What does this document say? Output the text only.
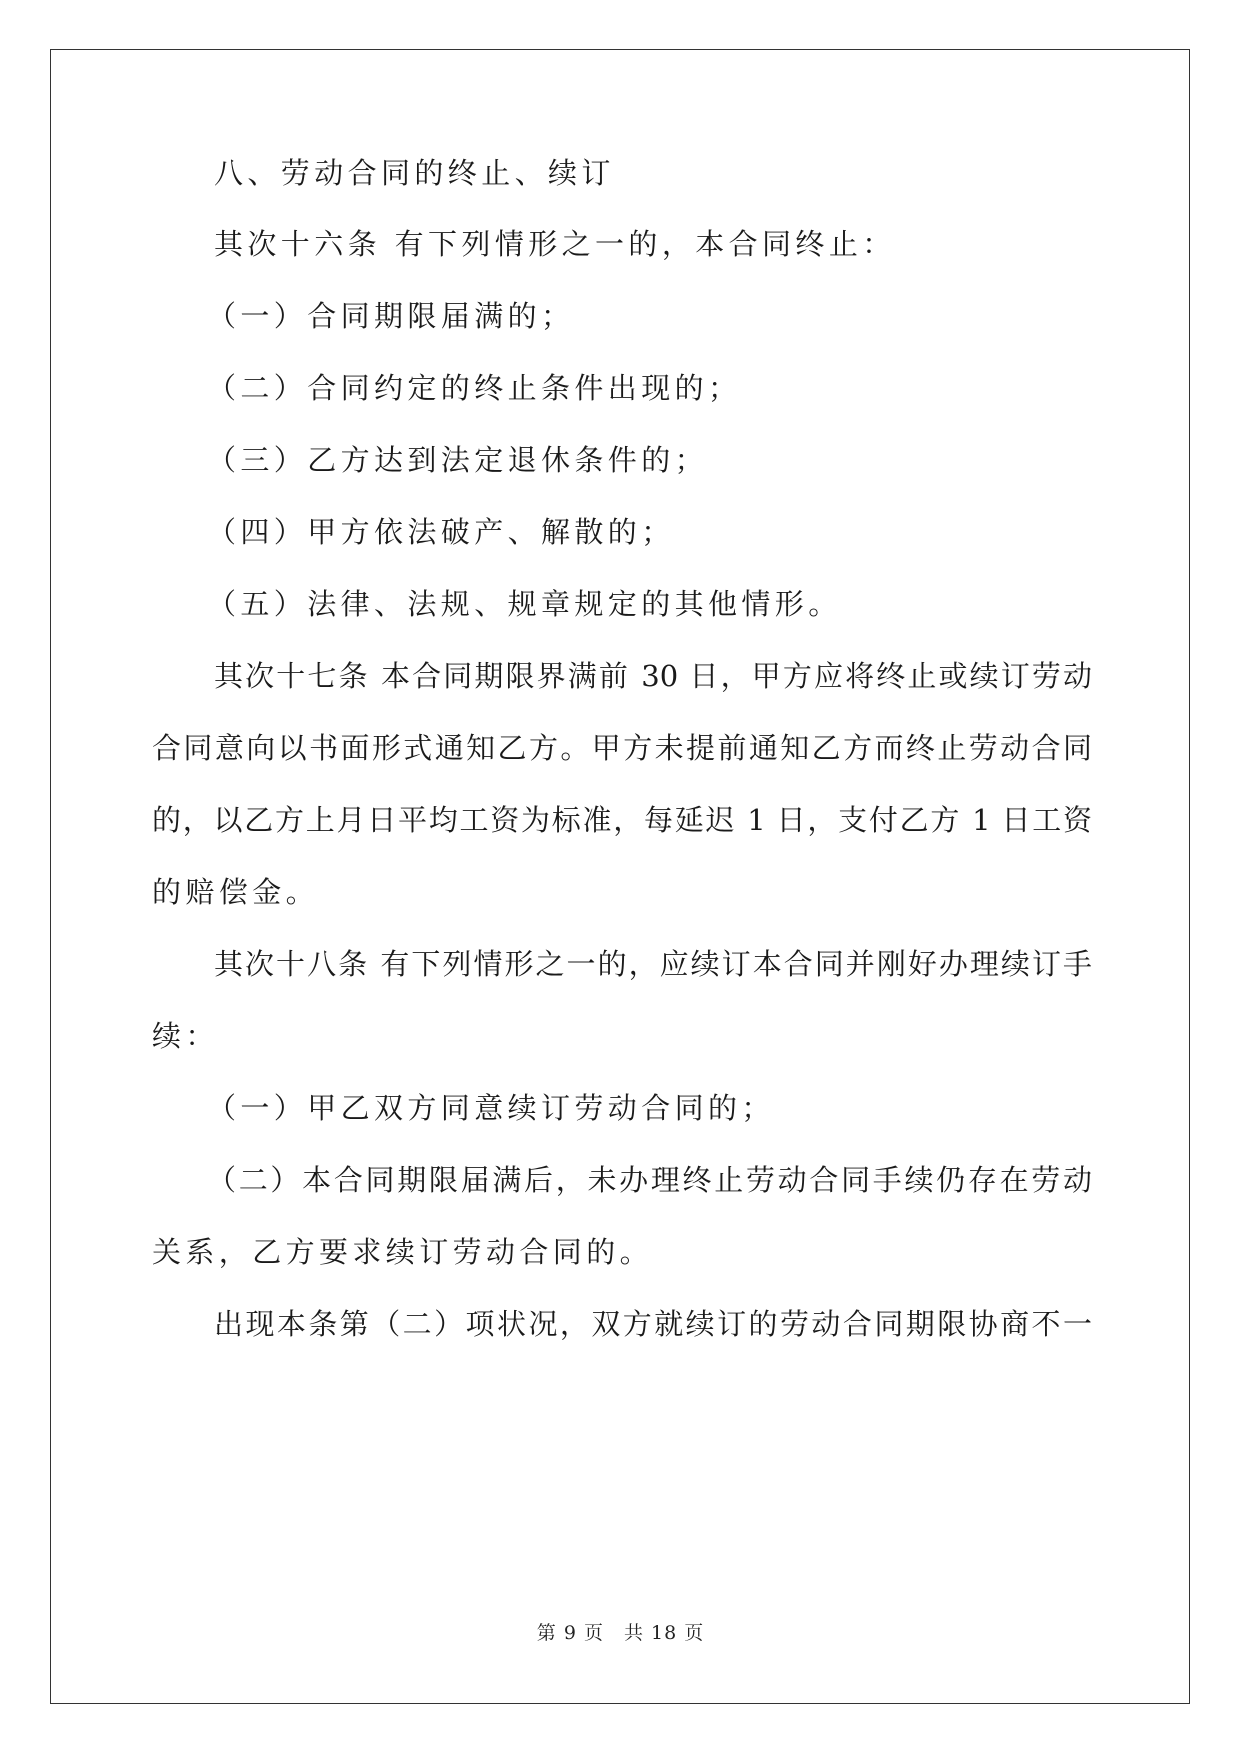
八、劳动合同的终止、续订
其次十六条 有下列情形之一的，本合同终止：
（一）合同期限届满的；
（二）合同约定的终止条件出现的；
（三）乙方达到法定退休条件的；
（四）甲方依法破产、解散的；
（五）法律、法规、规章规定的其他情形。
其次十七条 本合同期限界满前 30 日，甲方应将终止或续订劳动
合同意向以书面形式通知乙方。甲方未提前通知乙方而终止劳动合同
的，以乙方上月日平均工资为标准，每延迟 1 日，支付乙方 1 日工资
的赔偿金。
其次十八条 有下列情形之一的，应续订本合同并刚好办理续订手
续：
（一）甲乙双方同意续订劳动合同的；
（二）本合同期限届满后，未办理终止劳动合同手续仍存在劳动
关系，乙方要求续订劳动合同的。
出现本条第（二）项状况，双方就续订的劳动合同期限协商不一
第 9 页　共 18 页
